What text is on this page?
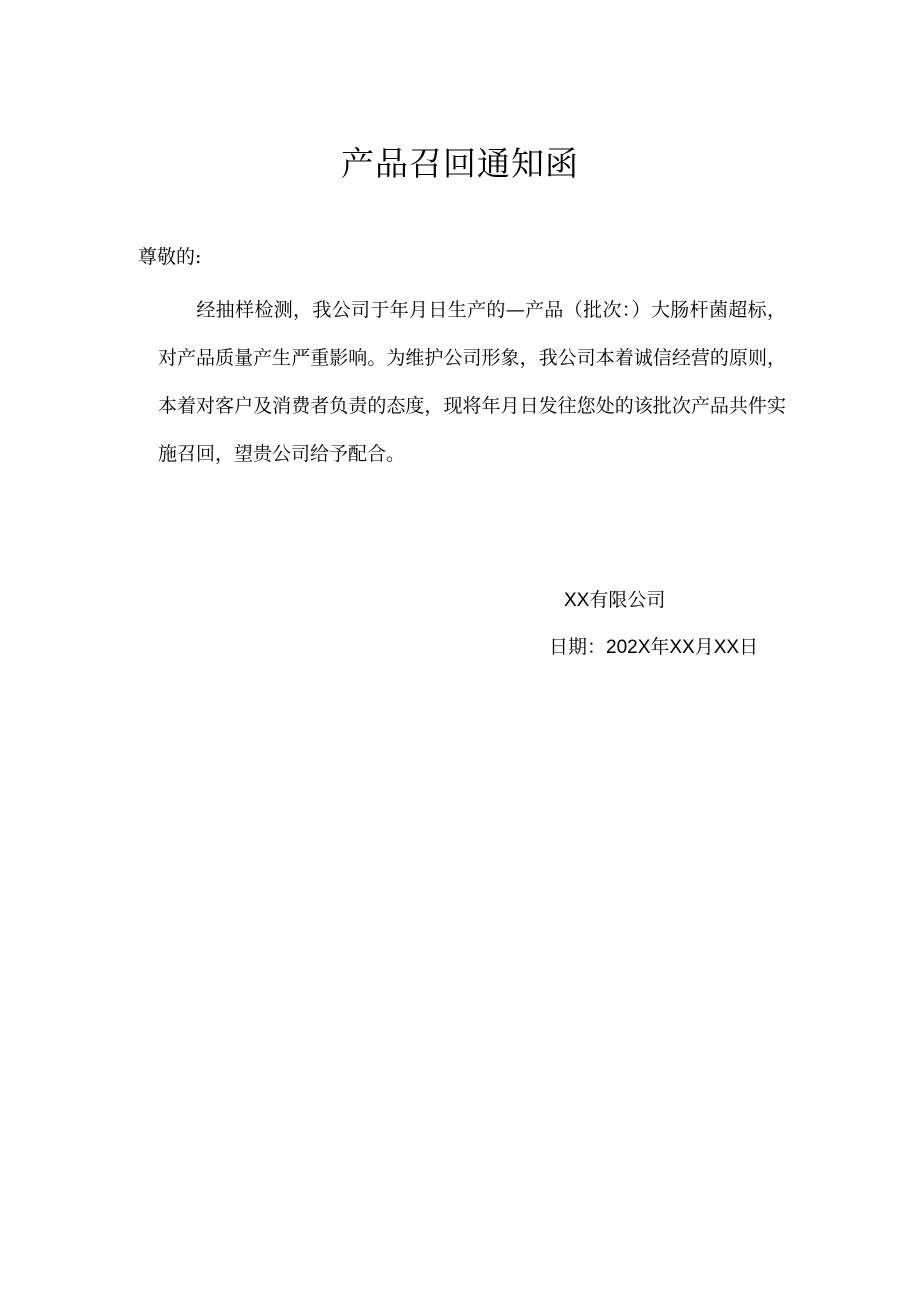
产品召回通知函

尊敬的:

经抽样检测，我公司于年月日生产的—产品（批次：）大肠杆菌超标，对产品质量产生严重影响。为维护公司形象，我公司本着诚信经营的原则，本着对客户及消费者负责的态度，现将年月日发往您处的该批次产品共件实施召回，望贵公司给予配合。

XX有限公司

日期：202X年XX月XX日
